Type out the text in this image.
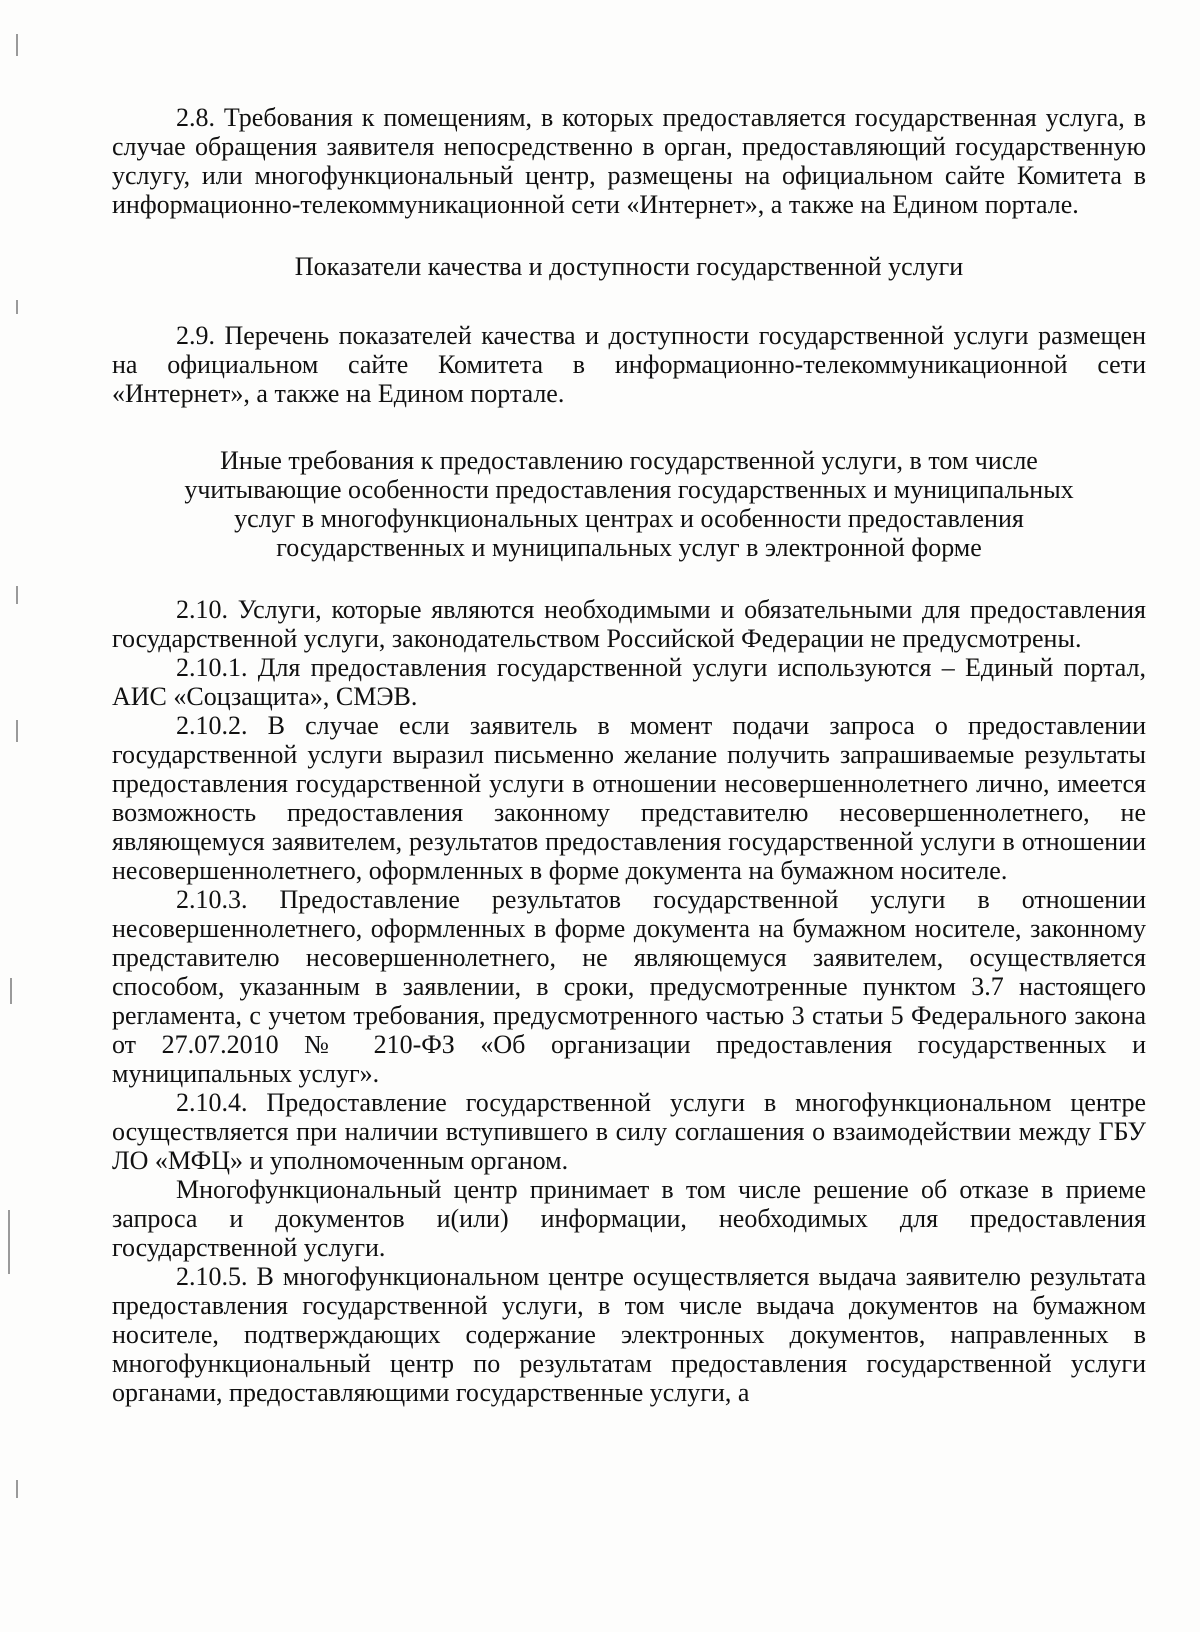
2.8. Требования к помещениям, в которых предоставляется государственная услуга, в случае обращения заявителя непосредственно в орган, предоставляющий государственную услугу, или многофункциональный центр, размещены на официальном сайте Комитета в информационно-телекоммуникационной сети «Интернет», а также на Едином портале.

Показатели качества и доступности государственной услуги

2.9. Перечень показателей качества и доступности государственной услуги размещен на официальном сайте Комитета в информационно-телекоммуникационной сети «Интернет», а также на Едином портале.

Иные требования к предоставлению государственной услуги, в том числе
учитывающие особенности предоставления государственных и муниципальных
услуг в многофункциональных центрах и особенности предоставления
государственных и муниципальных услуг в электронной форме

2.10. Услуги, которые являются необходимыми и обязательными для предоставления государственной услуги, законодательством Российской Федерации не предусмотрены.

2.10.1. Для предоставления государственной услуги используются – Единый портал, АИС «Соцзащита», СМЭВ.

2.10.2. В случае если заявитель в момент подачи запроса о предоставлении государственной услуги выразил письменно желание получить запрашиваемые результаты предоставления государственной услуги в отношении несовершеннолетнего лично, имеется возможность предоставления законному представителю несовершеннолетнего, не являющемуся заявителем, результатов предоставления государственной услуги в отношении несовершеннолетнего, оформленных в форме документа на бумажном носителе.

2.10.3. Предоставление результатов государственной услуги в отношении несовершеннолетнего, оформленных в форме документа на бумажном носителе, законному представителю несовершеннолетнего, не являющемуся заявителем, осуществляется способом, указанным в заявлении, в сроки, предусмотренные пунктом 3.7 настоящего регламента, с учетом требования, предусмотренного частью 3 статьи 5 Федерального закона от 27.07.2010 № 210-ФЗ «Об организации предоставления государственных и муниципальных услуг».

2.10.4. Предоставление государственной услуги в многофункциональном центре осуществляется при наличии вступившего в силу соглашения о взаимодействии между ГБУ ЛО «МФЦ» и уполномоченным органом.

Многофункциональный центр принимает в том числе решение об отказе в приеме запроса и документов и(или) информации, необходимых для предоставления государственной услуги.

2.10.5. В многофункциональном центре осуществляется выдача заявителю результата предоставления государственной услуги, в том числе выдача документов на бумажном носителе, подтверждающих содержание электронных документов, направленных в многофункциональный центр по результатам предоставления государственной услуги органами, предоставляющими государственные услуги, а
